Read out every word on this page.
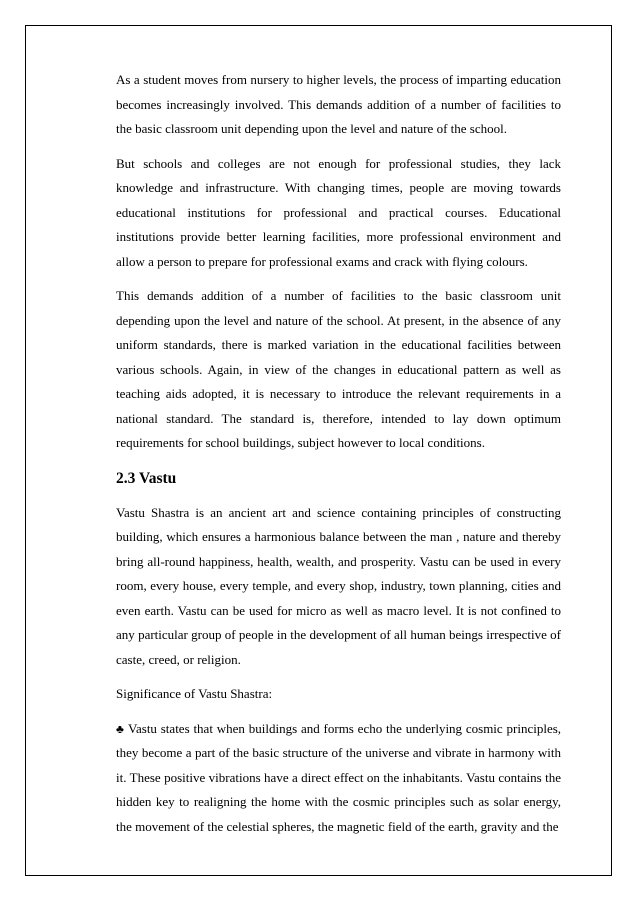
As a student moves from nursery to higher levels, the process of imparting education becomes increasingly involved. This demands addition of a number of facilities to the basic classroom unit depending upon the level and nature of the school.

But schools and colleges are not enough for professional studies, they lack knowledge and infrastructure. With changing times, people are moving towards educational institutions for professional and practical courses. Educational institutions provide better learning facilities, more professional environment and allow a person to prepare for professional exams and crack with flying colours.

This demands addition of a number of facilities to the basic classroom unit depending upon the level and nature of the school. At present, in the absence of any uniform standards, there is marked variation in the educational facilities between various schools. Again, in view of the changes in educational pattern as well as teaching aids adopted, it is necessary to introduce the relevant requirements in a national standard. The standard is, therefore, intended to lay down optimum requirements for school buildings, subject however to local conditions.

2.3 Vastu

Vastu Shastra is an ancient art and science containing principles of constructing building, which ensures a harmonious balance between the man , nature and thereby bring all-round happiness, health, wealth, and prosperity. Vastu can be used in every room, every house, every temple, and every shop, industry, town planning, cities and even earth. Vastu can be used for micro as well as macro level. It is not confined to any particular group of people in the development of all human beings irrespective of caste, creed, or religion.

Significance of Vastu Shastra:

♣ Vastu states that when buildings and forms echo the underlying cosmic principles, they become a part of the basic structure of the universe and vibrate in harmony with it. These positive vibrations have a direct effect on the inhabitants. Vastu contains the hidden key to realigning the home with the cosmic principles such as solar energy, the movement of the celestial spheres, the magnetic field of the earth, gravity and the
